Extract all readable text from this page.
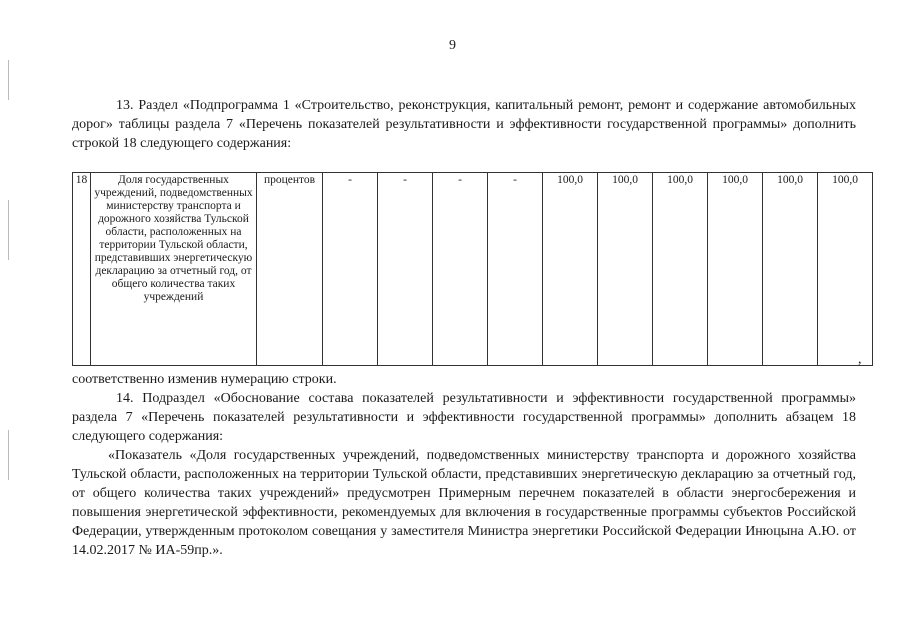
9

13. Раздел «Подпрограмма 1 «Строительство, реконструкция, капитальный ремонт, ремонт и содержание автомобильных дорог» таблицы раздела 7 «Перечень показателей результативности и эффективности государственной программы» дополнить строкой 18 следующего содержания:

18	Доля государственных учреждений, подведомственных министерству транспорта и дорожного хозяйства Тульской области, расположенных на территории Тульской области, представивших энергетическую декларацию за отчетный год, от общего количества таких учреждений	процентов	-	-	-	-	100,0	100,0	100,0	100,0	100,0	100,0
,

соответственно изменив нумерацию строки.

14. Подраздел «Обоснование состава показателей результативности и эффективности государственной программы» раздела 7 «Перечень показателей результативности и эффективности государственной программы» дополнить абзацем 18 следующего содержания:

«Показатель «Доля государственных учреждений, подведомственных министерству транспорта и дорожного хозяйства Тульской области, расположенных на территории Тульской области, представивших энергетическую декларацию за отчетный год, от общего количества таких учреждений» предусмотрен Примерным перечнем показателей в области энергосбережения и повышения энергетической эффективности, рекомендуемых для включения в государственные программы субъектов Российской Федерации, утвержденным протоколом совещания у заместителя Министра энергетики Российской Федерации Инюцына А.Ю. от 14.02.2017 № ИА-59пр.».
